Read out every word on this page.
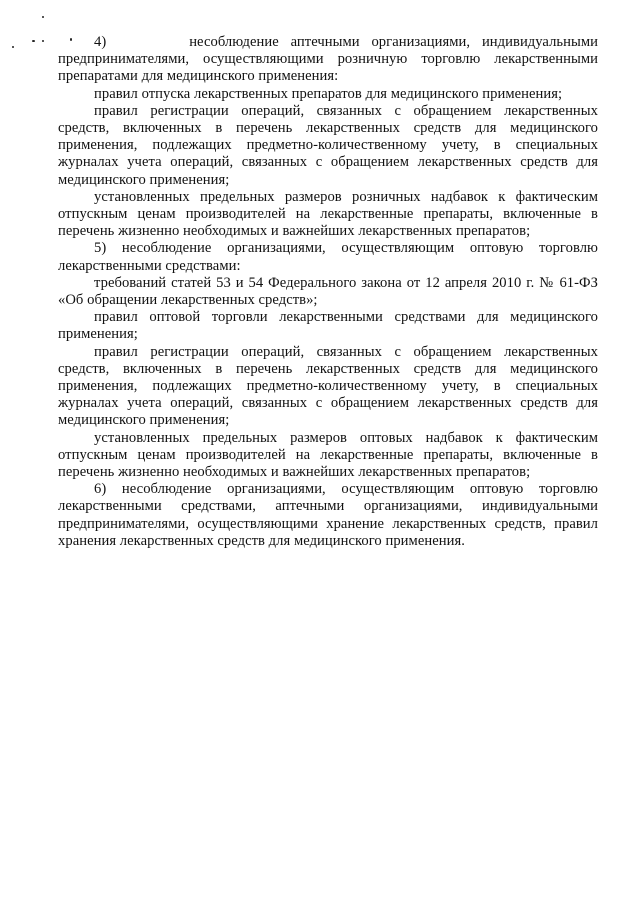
4)       несоблюдение аптечными организациями, индивидуальными предпринимателями, осуществляющими розничную торговлю лекарственными препаратами для медицинского применения:

правил отпуска лекарственных препаратов для медицинского применения;

правил регистрации операций, связанных с обращением лекарственных средств, включенных в перечень лекарственных средств для медицинского применения, подлежащих предметно-количественному учету, в специальных журналах учета операций, связанных с обращением лекарственных средств для медицинского применения;

установленных предельных размеров розничных надбавок к фактическим отпускным ценам производителей на лекарственные препараты, включенные в перечень жизненно необходимых и важнейших лекарственных препаратов;

5) несоблюдение организациями, осуществляющим оптовую торговлю лекарственными средствами:

требований статей 53 и 54 Федерального закона от 12 апреля 2010 г. № 61-ФЗ «Об обращении лекарственных средств»;

правил оптовой торговли лекарственными средствами для медицинского применения;

правил регистрации операций, связанных с обращением лекарственных средств, включенных в перечень лекарственных средств для медицинского применения, подлежащих предметно-количественному учету, в специальных журналах учета операций, связанных с обращением лекарственных средств для медицинского применения;

установленных предельных размеров оптовых надбавок к фактическим отпускным ценам производителей на лекарственные препараты, включенные в перечень жизненно необходимых и важнейших лекарственных препаратов;

6) несоблюдение организациями, осуществляющим оптовую торговлю лекарственными средствами, аптечными организациями, индивидуальными предпринимателями, осуществляющими хранение лекарственных средств, правил хранения лекарственных средств для медицинского применения.
